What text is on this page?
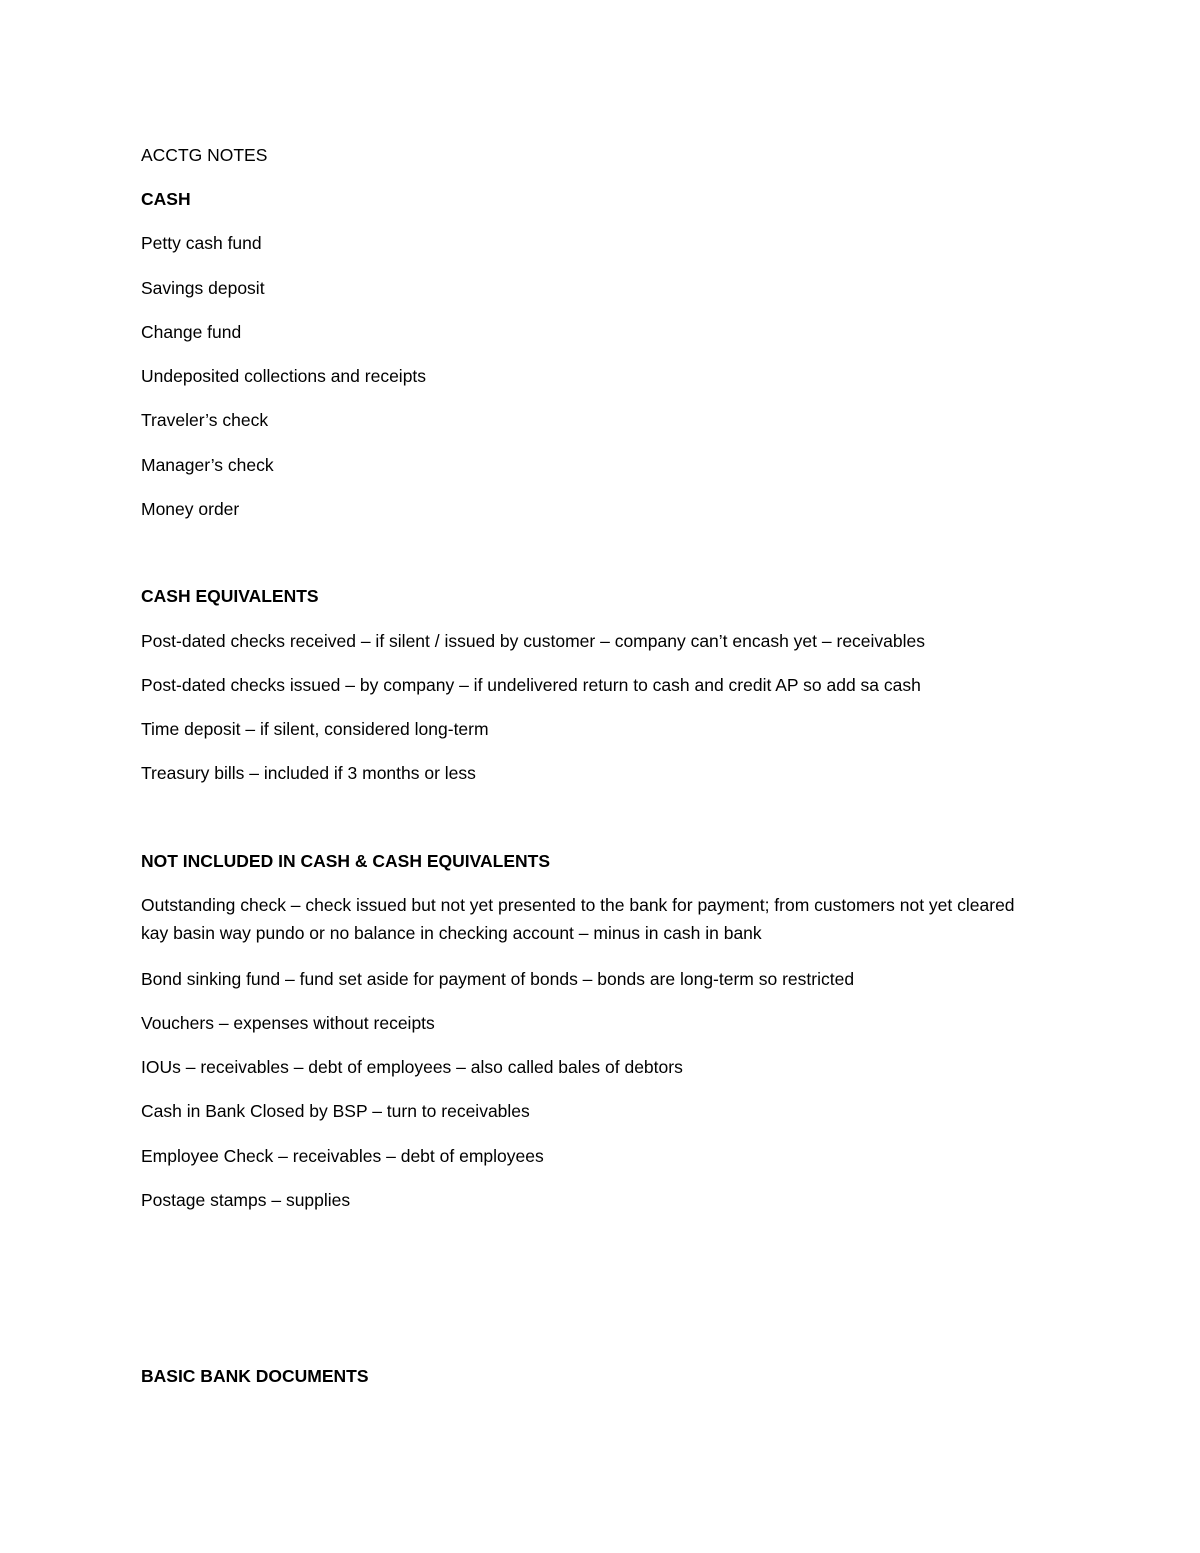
ACCTG NOTES

CASH

Petty cash fund

Savings deposit

Change fund

Undeposited collections and receipts

Traveler’s check

Manager’s check

Money order

CASH EQUIVALENTS

Post-dated checks received – if silent / issued by customer – company can’t encash yet – receivables

Post-dated checks issued – by company – if undelivered return to cash and credit AP so add sa cash

Time deposit – if silent, considered long-term

Treasury bills – included if 3 months or less

NOT INCLUDED IN CASH & CASH EQUIVALENTS

Outstanding check – check issued but not yet presented to the bank for payment; from customers not yet cleared kay basin way pundo or no balance in checking account – minus in cash in bank

Bond sinking fund – fund set aside for payment of bonds – bonds are long-term so restricted

Vouchers – expenses without receipts

IOUs – receivables – debt of employees – also called bales of debtors

Cash in Bank Closed by BSP – turn to receivables

Employee Check – receivables – debt of employees

Postage stamps – supplies

BASIC BANK DOCUMENTS
